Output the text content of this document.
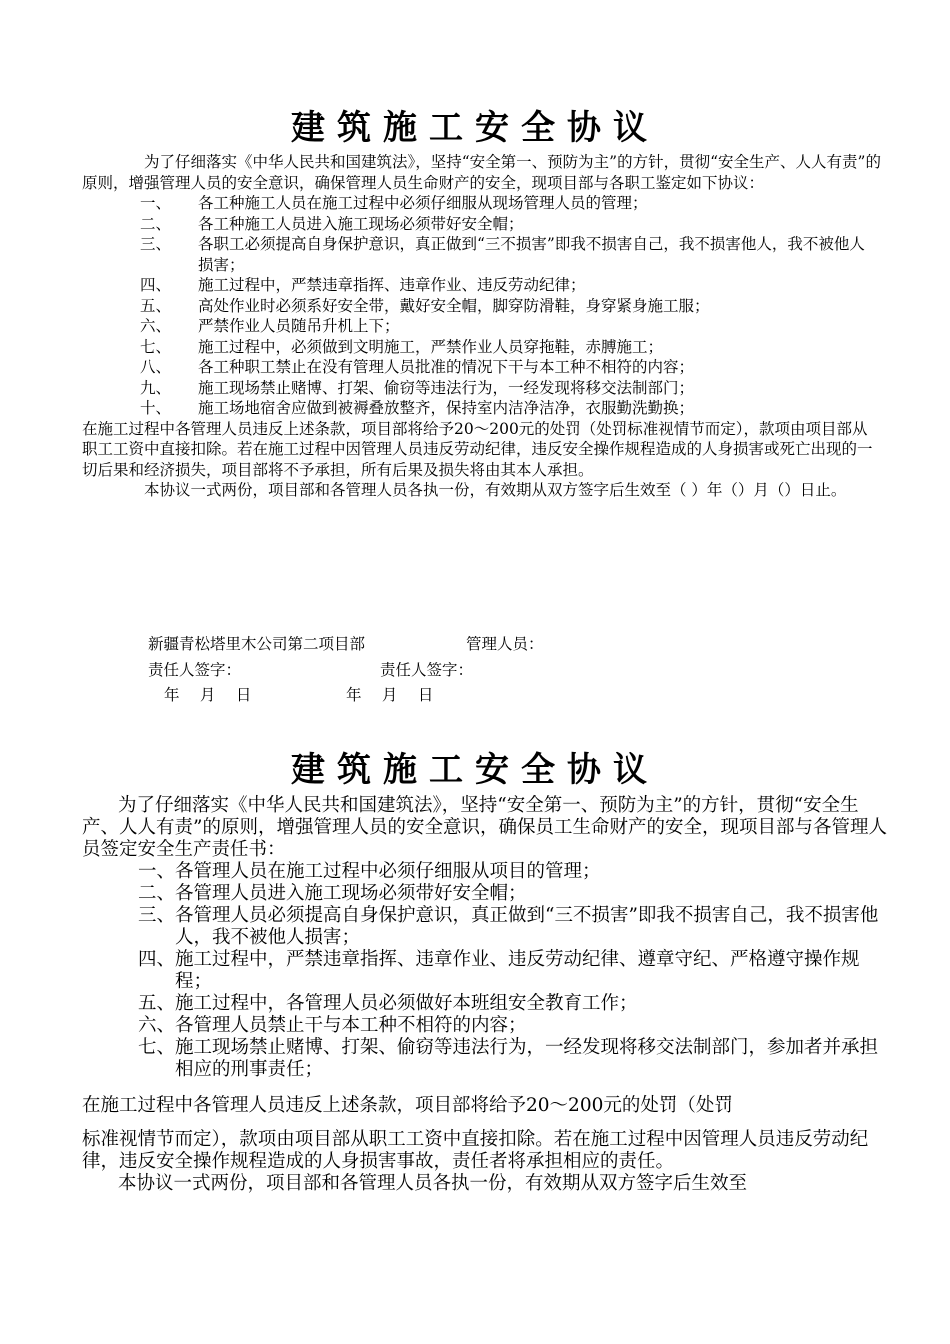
建筑施工安全协议
为了仔细落实《中华人民共和国建筑法》，坚持“安全第一、预防为主”的方针，贯彻“安全生产、人人有责”的原则，增强管理人员的安全意识，确保管理人员生命财产的安全，现项目部与各职工鉴定如下协议：
一、	各工种施工人员在施工过程中必须仔细服从现场管理人员的管理；
二、	各工种施工人员进入施工现场必须带好安全帽；
三、	各职工必须提高自身保护意识，真正做到“三不损害”即我不损害自己，我不损害他人，我不被他人损害；
四、	施工过程中，严禁违章指挥、违章作业、违反劳动纪律；
五、	高处作业时必须系好安全带，戴好安全帽，脚穿防滑鞋，身穿紧身施工服；
六、	严禁作业人员随吊升机上下；
七、	施工过程中，必须做到文明施工，严禁作业人员穿拖鞋，赤膊施工；
八、	各工种职工禁止在没有管理人员批准的情况下干与本工种不相符的内容；
九、	施工现场禁止赌博、打架、偷窃等违法行为，一经发现将移交法制部门；
十、	施工场地宿舍应做到被褥叠放整齐，保持室内洁净洁净，衣服勤洗勤换；
在施工过程中各管理人员违反上述条款，项目部将给予20～200元的处罚（处罚标准视情节而定），款项由项目部从职工工资中直接扣除。若在施工过程中因管理人员违反劳动纪律，违反安全操作规程造成的人身损害或死亡出现的一切后果和经济损失，项目部将不予承担，所有后果及损失将由其本人承担。
本协议一式两份，项目部和各管理人员各执一份，有效期从双方签字后生效至（ ）年（）月（）日止。
新疆青松塔里木公司第二项目部	管理人员：
责任人签字：	责任人签字：
年　 月 　日	年　 月 　日
建筑施工安全协议
为了仔细落实《中华人民共和国建筑法》，坚持“安全第一、预防为主”的方针，贯彻“安全生产、人人有责”的原则，增强管理人员的安全意识，确保员工生命财产的安全，现项目部与各管理人员签定安全生产责任书：
一、 各管理人员在施工过程中必须仔细服从项目的管理；
二、 各管理人员进入施工现场必须带好安全帽；
三、 各管理人员必须提高自身保护意识，真正做到“三不损害”即我不损害自己，我不损害他人，我不被他人损害；
四、 施工过程中，严禁违章指挥、违章作业、违反劳动纪律、遵章守纪、严格遵守操作规程；
五、 施工过程中，各管理人员必须做好本班组安全教育工作；
六、 各管理人员禁止干与本工种不相符的内容；
七、 施工现场禁止赌博、打架、偷窃等违法行为，一经发现将移交法制部门，参加者并承担相应的刑事责任；
在施工过程中各管理人员违反上述条款，项目部将给予20～200元的处罚（处罚
标准视情节而定），款项由项目部从职工工资中直接扣除。若在施工过程中因管理人员违反劳动纪律，违反安全操作规程造成的人身损害事故，责任者将承担相应的责任。
本协议一式两份，项目部和各管理人员各执一份，有效期从双方签字后生效至
